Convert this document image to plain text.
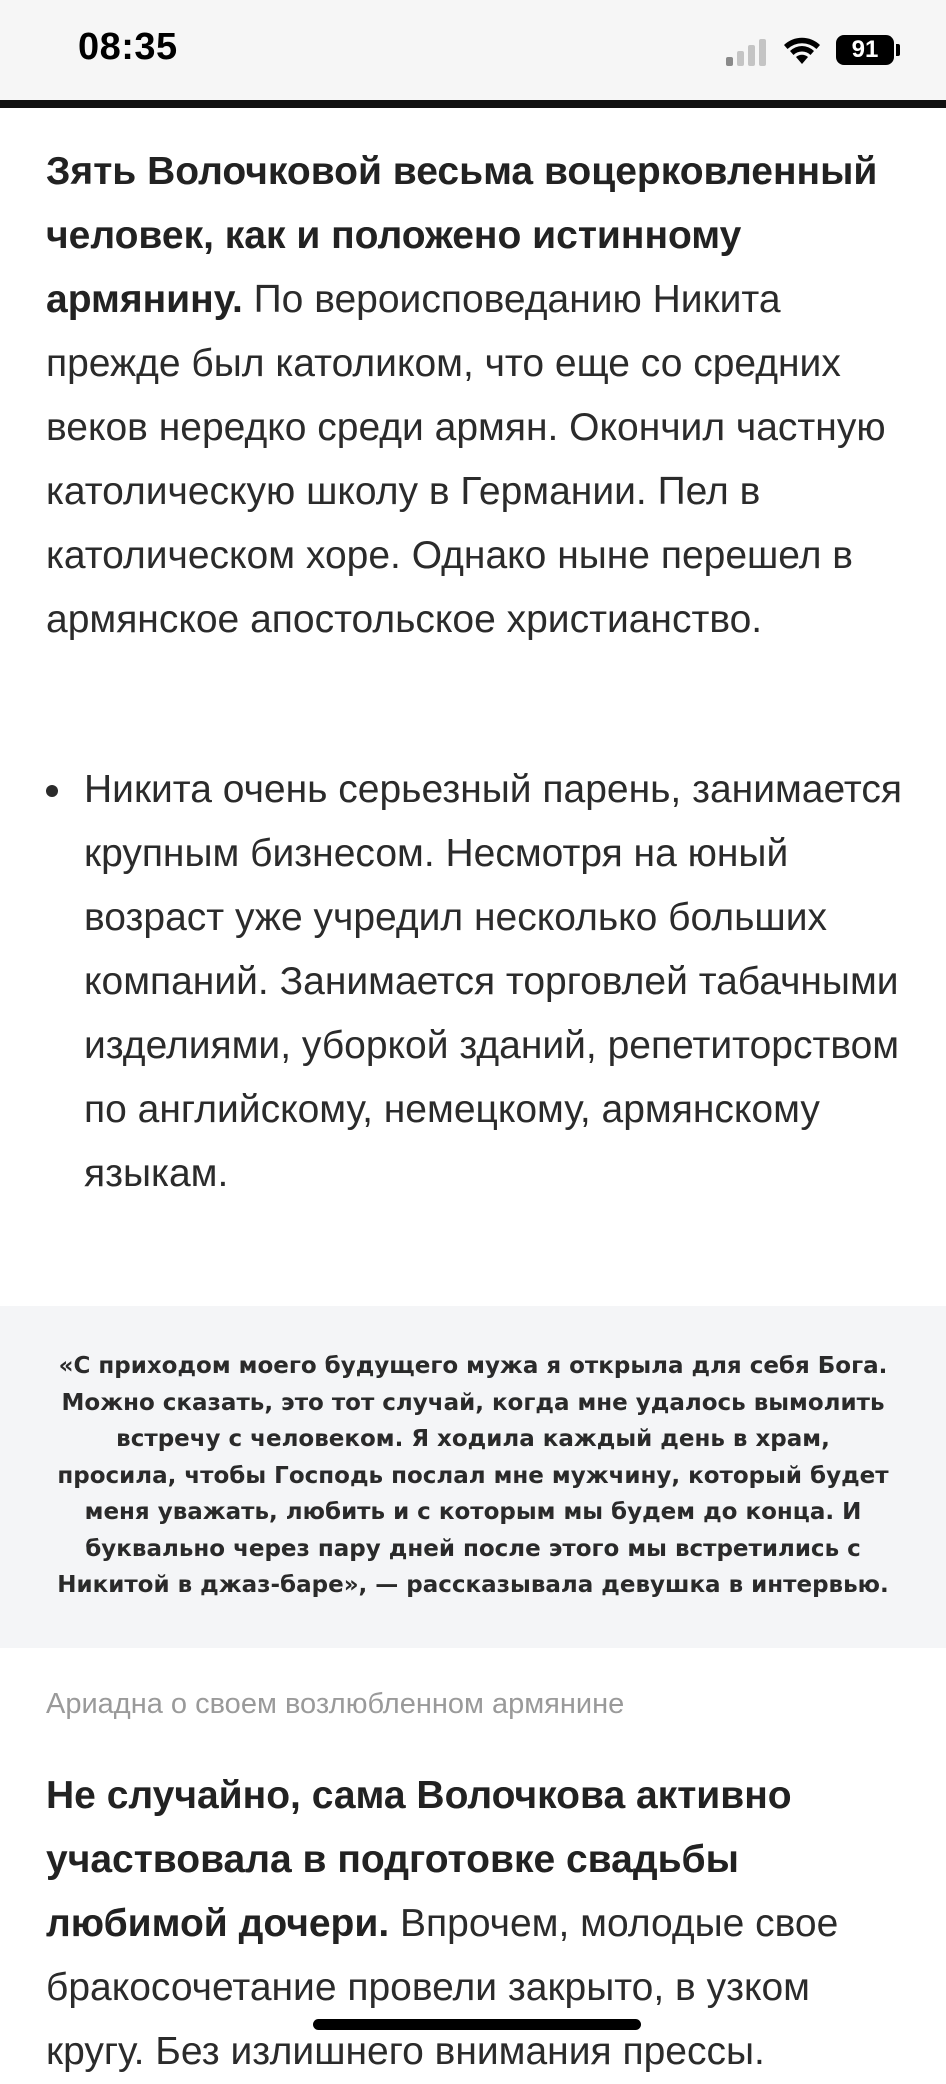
08:35	91

Зять Волочковой весьма воцерковленный человек, как и положено истинному армянину. По вероисповеданию Никита прежде был католиком, что еще со средних веков нередко среди армян. Окончил частную католическую школу в Германии. Пел в католическом хоре. Однако ныне перешел в армянское апостольское христианство.

Никита очень серьезный парень, занимается крупным бизнесом. Несмотря на юный возраст уже учредил несколько больших компаний. Занимается торговлей табачными изделиями, уборкой зданий, репетиторством по английскому, немецкому, армянскому языкам.
«С приходом моего будущего мужа я открыла для себя Бога. Можно сказать, это тот случай, когда мне удалось вымолить встречу с человеком. Я ходила каждый день в храм, просила, чтобы Господь послал мне мужчину, который будет меня уважать, любить и с которым мы будем до конца. И буквально через пару дней после этого мы встретились с Никитой в джаз-баре», — рассказывала девушка в интервью.
Ариадна о своем возлюбленном армянине

Не случайно, сама Волочкова активно участвовала в подготовке свадьбы любимой дочери. Впрочем, молодые свое бракосочетание провели закрыто, в узком кругу. Без излишнего внимания прессы.
